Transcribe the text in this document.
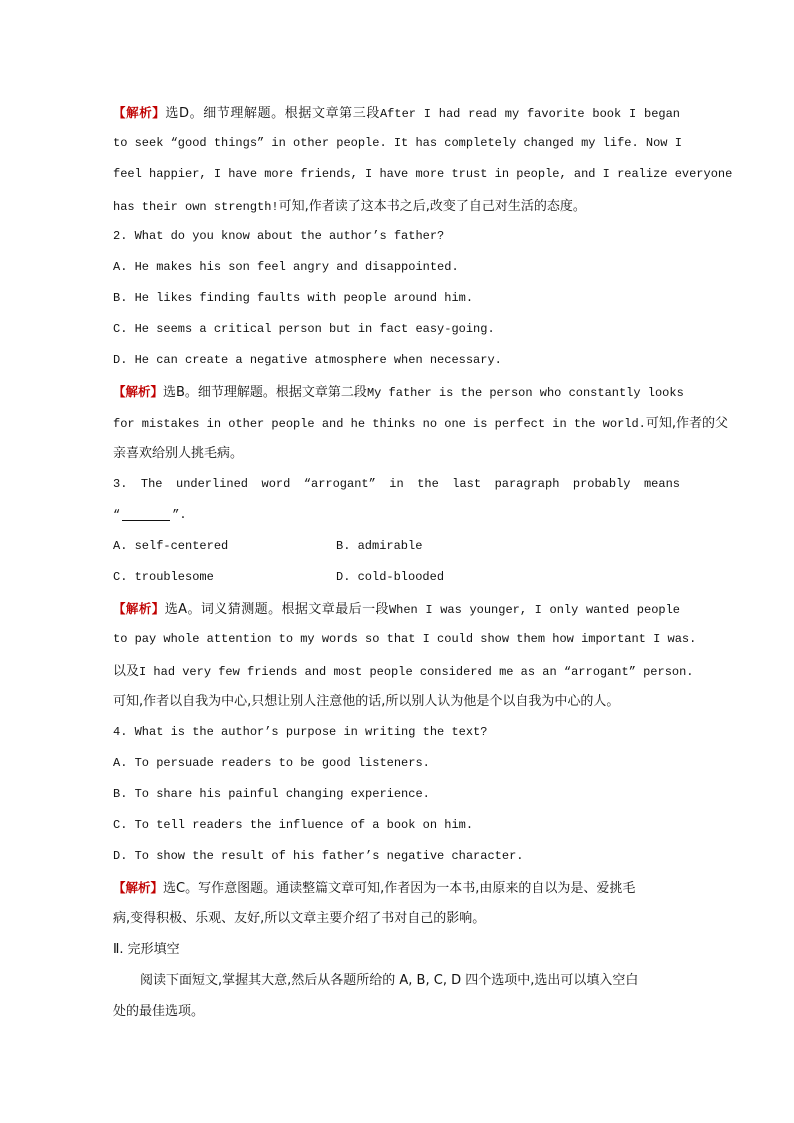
【解析】选D。细节理解题。根据文章第三段After I had read my favorite book I began
to seek “good things” in other people. It has completely changed my life. Now I
feel happier, I have more friends, I have more trust in people, and I realize everyone
has their own strength!可知,作者读了这本书之后,改变了自己对生活的态度。
2. What do you know about the author’s father?
A. He makes his son feel angry and disappointed.
B. He likes finding faults with people around him.
C. He seems a critical person but in fact easy-going.
D. He can create a negative atmosphere when necessary.
【解析】选B。细节理解题。根据文章第二段My father is the person who constantly looks
for mistakes in other people and he thinks no one is perfect in the world.可知,作者的父
亲喜欢给别人挑毛病。
3. The underlined word “arrogant” in the last paragraph probably means
“	”.
A. self-centered	B. admirable
C. troublesome	D. cold-blooded
【解析】选A。词义猜测题。根据文章最后一段When I was younger, I only wanted people
to pay whole attention to my words so that I could show them how important I was.
以及I had very few friends and most people considered me as an “arrogant” person.
可知,作者以自我为中心,只想让别人注意他的话,所以别人认为他是个以自我为中心的人。
4. What is the author’s purpose in writing the text?
A. To persuade readers to be good listeners.
B. To share his painful changing experience.
C. To tell readers the influence of a book on him.
D. To show the result of his father’s negative character.
【解析】选C。写作意图题。通读整篇文章可知,作者因为一本书,由原来的自以为是、爱挑毛
病,变得积极、乐观、友好,所以文章主要介绍了书对自己的影响。
Ⅱ. 完形填空
阅读下面短文,掌握其大意,然后从各题所给的 A, B, C, D 四个选项中,选出可以填入空白
处的最佳选项。
